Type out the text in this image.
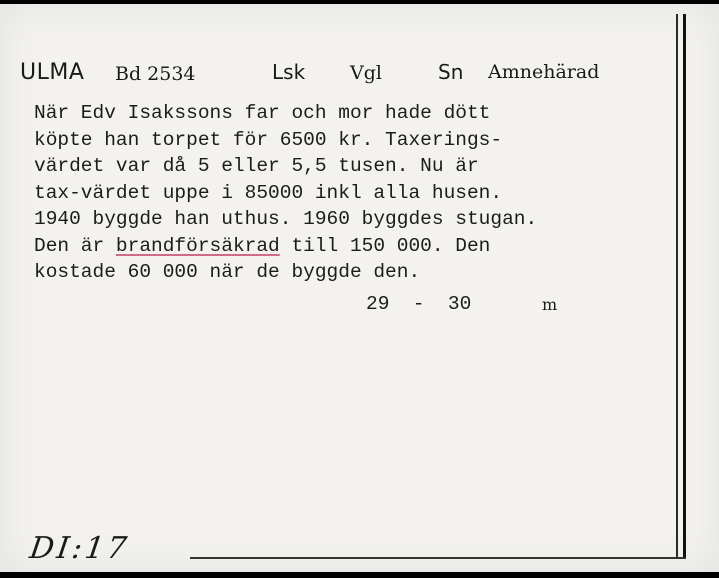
ULMA Bd 2534	Lsk Vgl	Sn Amnehärad
När Edv Isakssons far och mor hade dött
köpte han torpet för 6500 kr. Taxerings-
värdet var då 5 eller 5,5 tusen. Nu är
tax-värdet uppe i 85000 inkl alla husen.
1940 byggde han uthus. 1960 byggdes stugan.
Den är brandförsäkrad till 150 000. Den
kostade 60 000 när de byggde den.
29  -  30	m
DI:17
